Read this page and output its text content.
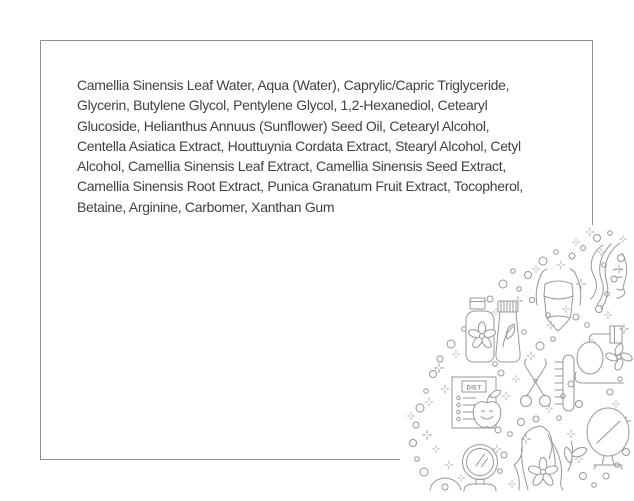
Camellia Sinensis Leaf Water, Aqua (Water), Caprylic/Capric Triglyceride,
Glycerin, Butylene Glycol, Pentylene Glycol, 1,2-Hexanediol, Cetearyl
Glucoside, Helianthus Annuus (Sunflower) Seed Oil, Cetearyl Alcohol,
Centella Asiatica Extract, Houttuynia Cordata Extract, Stearyl Alcohol, Cetyl
Alcohol, Camellia Sinensis Leaf Extract, Camellia Sinensis Seed Extract,
Camellia Sinensis Root Extract, Punica Granatum Fruit Extract, Tocopherol,
Betaine, Arginine, Carbomer, Xanthan Gum
DIET
